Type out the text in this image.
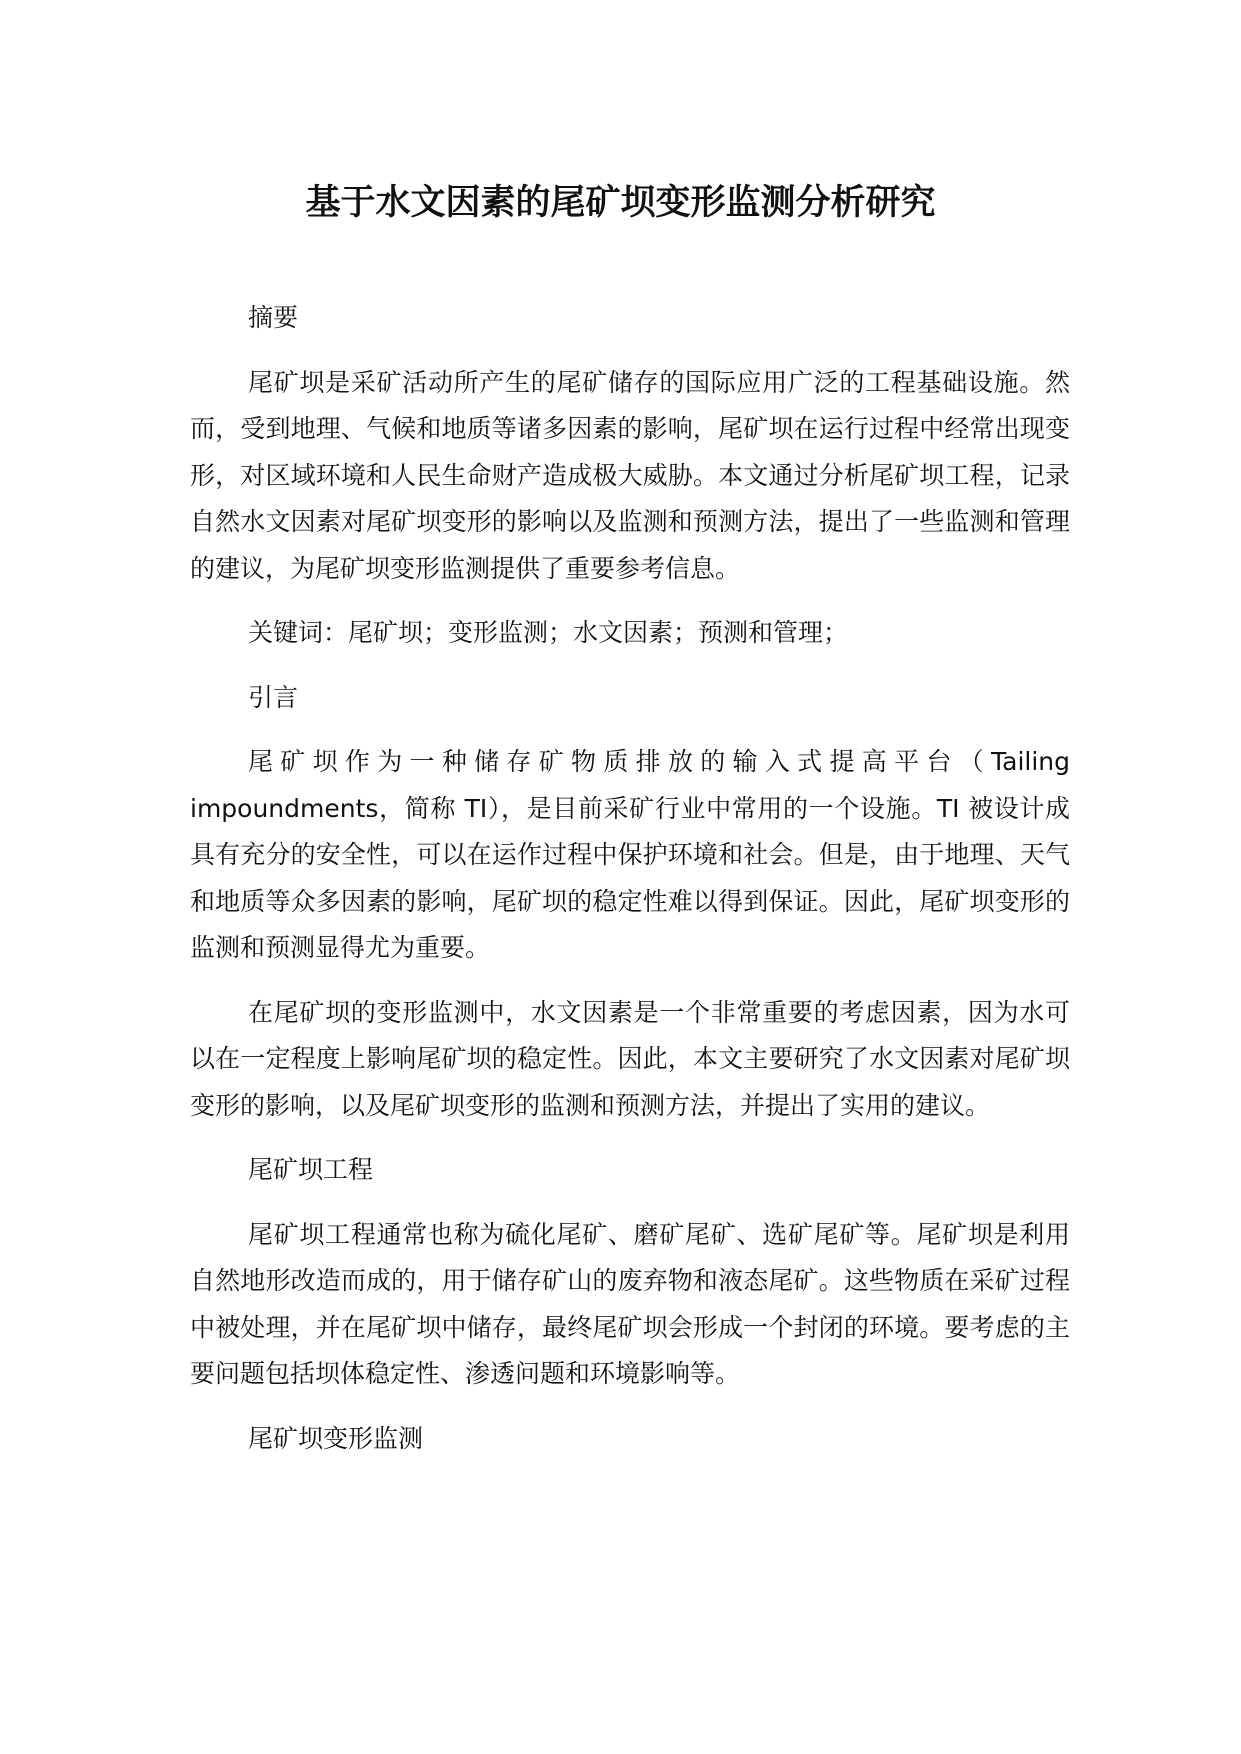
基于水文因素的尾矿坝变形监测分析研究

摘要

尾矿坝是采矿活动所产生的尾矿储存的国际应用广泛的工程基础设施。然而，受到地理、气候和地质等诸多因素的影响，尾矿坝在运行过程中经常出现变形，对区域环境和人民生命财产造成极大威胁。本文通过分析尾矿坝工程，记录自然水文因素对尾矿坝变形的影响以及监测和预测方法，提出了一些监测和管理的建议，为尾矿坝变形监测提供了重要参考信息。

关键词：尾矿坝；变形监测；水文因素；预测和管理；

引言

尾矿坝作为一种储存矿物质排放的输入式提高平台（Tailing impoundments，简称 TI），是目前采矿行业中常用的一个设施。TI 被设计成具有充分的安全性，可以在运作过程中保护环境和社会。但是，由于地理、天气和地质等众多因素的影响，尾矿坝的稳定性难以得到保证。因此，尾矿坝变形的监测和预测显得尤为重要。

在尾矿坝的变形监测中，水文因素是一个非常重要的考虑因素，因为水可以在一定程度上影响尾矿坝的稳定性。因此，本文主要研究了水文因素对尾矿坝变形的影响，以及尾矿坝变形的监测和预测方法，并提出了实用的建议。

尾矿坝工程

尾矿坝工程通常也称为硫化尾矿、磨矿尾矿、选矿尾矿等。尾矿坝是利用自然地形改造而成的，用于储存矿山的废弃物和液态尾矿。这些物质在采矿过程中被处理，并在尾矿坝中储存，最终尾矿坝会形成一个封闭的环境。要考虑的主要问题包括坝体稳定性、渗透问题和环境影响等。

尾矿坝变形监测
